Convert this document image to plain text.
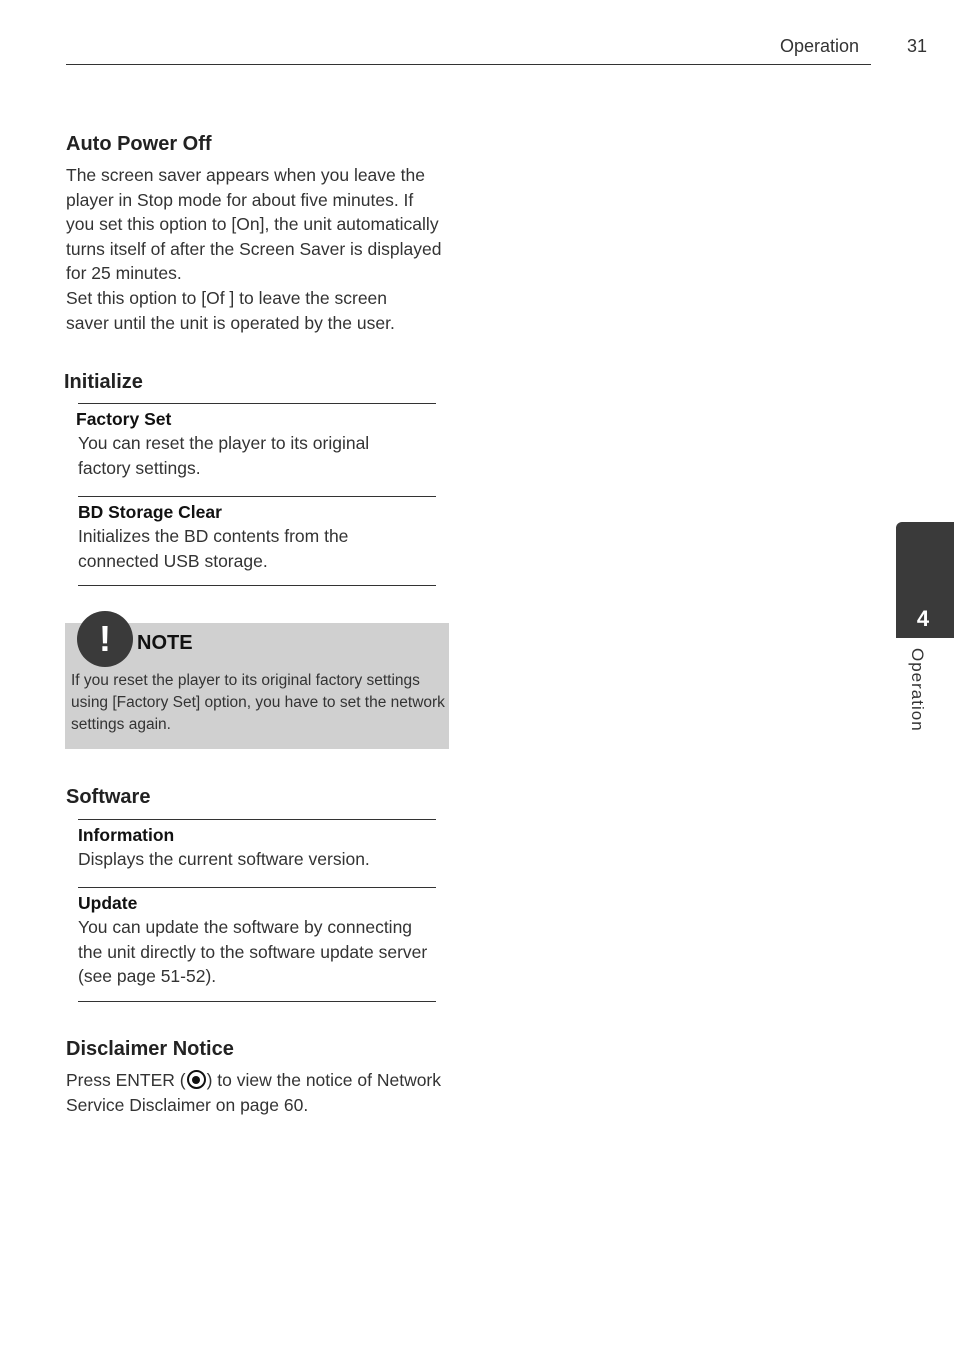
Operation	31
Auto Power Off

The screen saver appears when you leave the player in Stop mode for about five minutes. If you set this option to [On], the unit automatically turns itself of after the Screen Saver is displayed for 25 minutes.

Set this option to [Of ] to leave the screen saver until the unit is operated by the user.

Initialize
Factory Set
You can reset the player to its original factory settings.
BD Storage Clear
Initializes the BD contents from the connected USB storage.
!	NOTE
If you reset the player to its original factory settings using [Factory Set] option, you have to set the network settings again.
Software
Information
Displays the current software version.
Update
You can update the software by connecting the unit directly to the software update server (see page 51-52).
Disclaimer Notice

Press ENTER ( ) to view the notice of Network Service Disclaimer on page 60.

4
Operation
